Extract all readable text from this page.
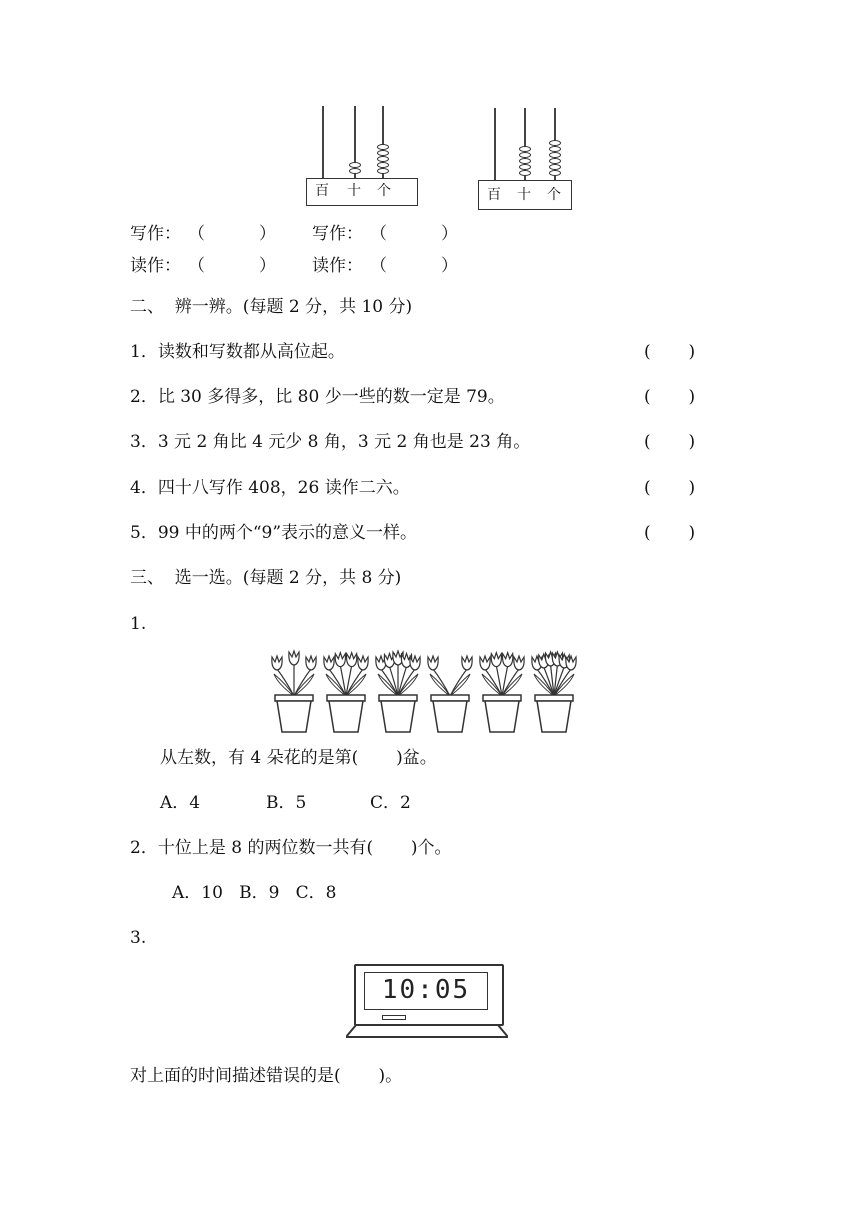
百 十 个	百 十 个
写作： （          ） 写作： （          ）
读作： （          ） 读作： （          ）
二、  辨一辨。(每题 2 分，共 10 分)
1．读数和写数都从高位起。	(       )
2．比 30 多得多，比 80 少一些的数一定是 79。	(       )
3．3 元 2 角比 4 元少 8 角，3 元 2 角也是 23 角。	(       )
4．四十八写作 408，26 读作二六。	(       )
5．99 中的两个“9”表示的意义一样。	(       )
三、  选一选。(每题 2 分，共 8 分)
1.
从左数，有 4 朵花的是第(       )盆。
A．4	B．5	C．2
2．十位上是 8 的两位数一共有(       )个。
A．10   B．9   C．8
3.
10:05
对上面的时间描述错误的是(       )。
